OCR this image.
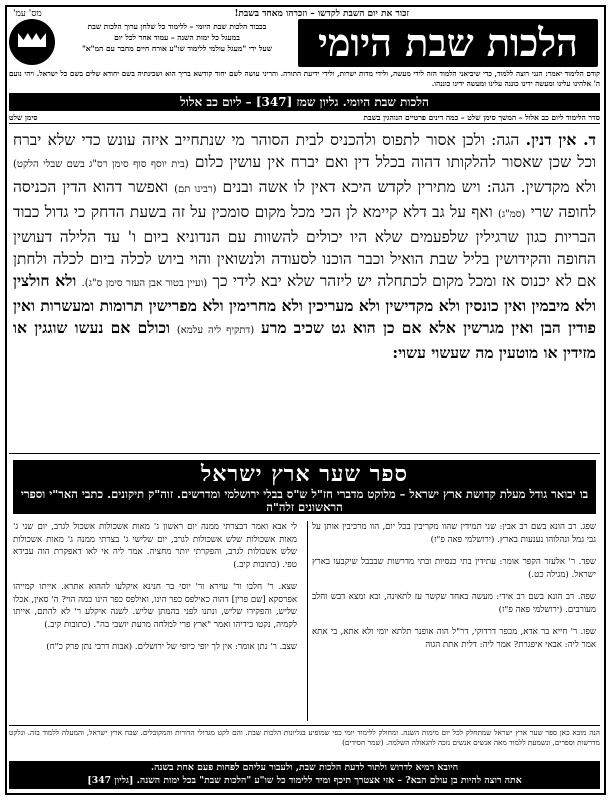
מס' עמ'	זכור את יום השבת לקדשו – וזכרהו מאחד בשבת!
הלכות שבת היומי
בכבוד הלכות שבת היומי – ללימוד כל שלחן ערוך הלכות שבת
במעגל כל ימות השנה – עמוד אחד לכל יום
שעל ידי "מעגל עולמי ללימוד שו"ע אורח חיים מחבר עם המ"א"
קודם הלימוד יאמר: הנני רוצה ללמוד, כדי שיביאני הלמוד הזה לידי מעשה, ולידי מדות ישרות, ולידי ידיעת התורה. והריני עושה לשם יחוד קודשא בריך הוא ושכינתיה בשם יחודא שלים בשם כל ישראל. ויהי נועם ה' אלהינו עלינו ומעשה ידינו כוננה עלינו ומעשה ידינו כוננהו.
הלכות שבת היומי. גליון שמז [347] – ליום כב אלול
סדר הלימוד ליום כב אלול – המשך סימן שלט – כמה דינים פרטיים הנוהגין בשבת
סימן שלט
ד. אין דנין. הגה: ולכן אסור לתפוס ולהכניס לבית הסוהר מי שנתחייב איזה עונש כדי שלא יברח וכל שכן שאסור להלקותו דהוה בכלל דין ואם יברח אין עושין כלום (בית יוסף סוף סימן רס"ג בשם שבלי הלקט) ולא מקדשין. הגה: ויש מתירין לקדש היכא דאין לו אשה ובנים (רבינו תם) ואפשר דהוא הדין הכניסה לחופה שרי (סמ"ג) ואף על גב דלא קיימא לן הכי מכל מקום סומכין על זה בשעת הדחק כי גדול כבוד הבריות כגון שרגילין שלפעמים שלא היו יכולים להשוות עם הנדוניא ביום ו' עד הלילה דעושין החופה והקידושין בליל שבת הואיל וכבר הוכנו לסעודה ולנשואין והוי ביוש לכלה ביום לכלה ולחתן אם לא יכנוס אז ומכל מקום לכתחלה יש ליזהר שלא יבא לידי כך (ועיין בטור אבן העזר סימן ס"ג). ולא חולצין ולא מיבמין ואין כונסין ולא מקדישין ולא מעריכין ולא מחרימין ולא מפרישין תרומות ומעשרות ואין פודין הבן ואין מגרשין אלא אם כן הוא גט שכיב מרע (דתקיף ליה עלמא) וכולם אם נעשו שוגגין או מזידין או מוטעין מה שעשוי עשוי:
ספר שער ארץ ישראל
בו יבואר גודל מעלת קדושת ארץ ישראל – מלוקט מדברי חז"ל ש"ס בבלי ירושלמי ומדרשים. זוה"ק תיקונים. כתבי האר"י וספרי הראשונים זלה"ה

שפג. רב הונא בשם רב אבין: שני תמידין שהוו מקריבין בכל יום, הוו מרכיבין אותן על גבי גמל ונהלוהו נענעות בארץ. (ירושלמי פאה פ"ז)

שפד. ר' אלעזר הקפר אומר: עתידין בתי כנסיות ובתי מדרשות שבבבל שיקבעו בארץ ישראל. (מגילה כט.)

שפה. רב הונא בשם רב אידי: מעשה באחד שקשר עז לתאינה, ובא ומצא דבש וחלב מעורבים. (ירושלמי פאה פ"ז)

שפו. ר' חייא בר אדא, מכפר דרדוקי, דר"ל הוה אופנר תלתא יומי ולא אתא, בי אתא אמר ליה: אבאי איפגרת? אמר ליה: דלית אתת הגוה

לי אבא ואמר דבצרתי ממנה יום ראשון ג' מאות אשכולות אשכול לגרב, יום שני ג' מאות אשכולות שלש אשכולות לגרב, יום שלישי ג' בצרתי ממנה ג' מאות אשכולות שלש אשכולות לגרב, והפקרתי יותר מחציה. אמר ליה אי לאו דאפקרת הוה עבידא טפי. (כתובות קיב.)

שצא. ר' חלבו ור' עוירא ור' יוסי בר חנינא איקלעו לההוא אתרא. אייתו קמייהו אפרסקא [שם פרין] דהוה כאילפס כפר הינו, ואילפס כפר הינו כמה הוי? ה' סאין, אכלו שליש, והפקירו שליש, ונתנו לפני בהמתן שליש. לשנה איקלע ר' לא להתם, אייתו לקמיה, נקטו בידיהו ואמר "ארץ פרי למלחה מרעת יושבי בה". (כתובות קיב.)

שצב. ר' נתן אומר: אין לך יופי כיופי של ירושלים. (אבות דרבי נתן פרק כ"ח)

הנה מובא כאן ספר שער ארץ ישראל שמתחלק לכל יום מימות השנה. ומחולק ללימוד יומי כפי שמופיע בגליונות הלכות שבת. והם לקט מגדולי הדורות והמקובלים. שבח ארץ ישראל, והמעלה ללמוד בזה. ונלקט מדרשות וספרים, ונשמעת ללמוד מאה אנשים אנשים נזכה להגאולה השלמה. (שמר חסידים)
חיובא רמיא לדרוש ולתור לדעת הלכות שבת, ולעבור עליהם לפחות פעם אחת בשנה.
אתה רוצה להיות בן עולם הבא? – אזי אצטרך תיכף ומיד ללימוד כל שו"ע "הלכות שבת" בכל ימות השנה. [גליון 347]
